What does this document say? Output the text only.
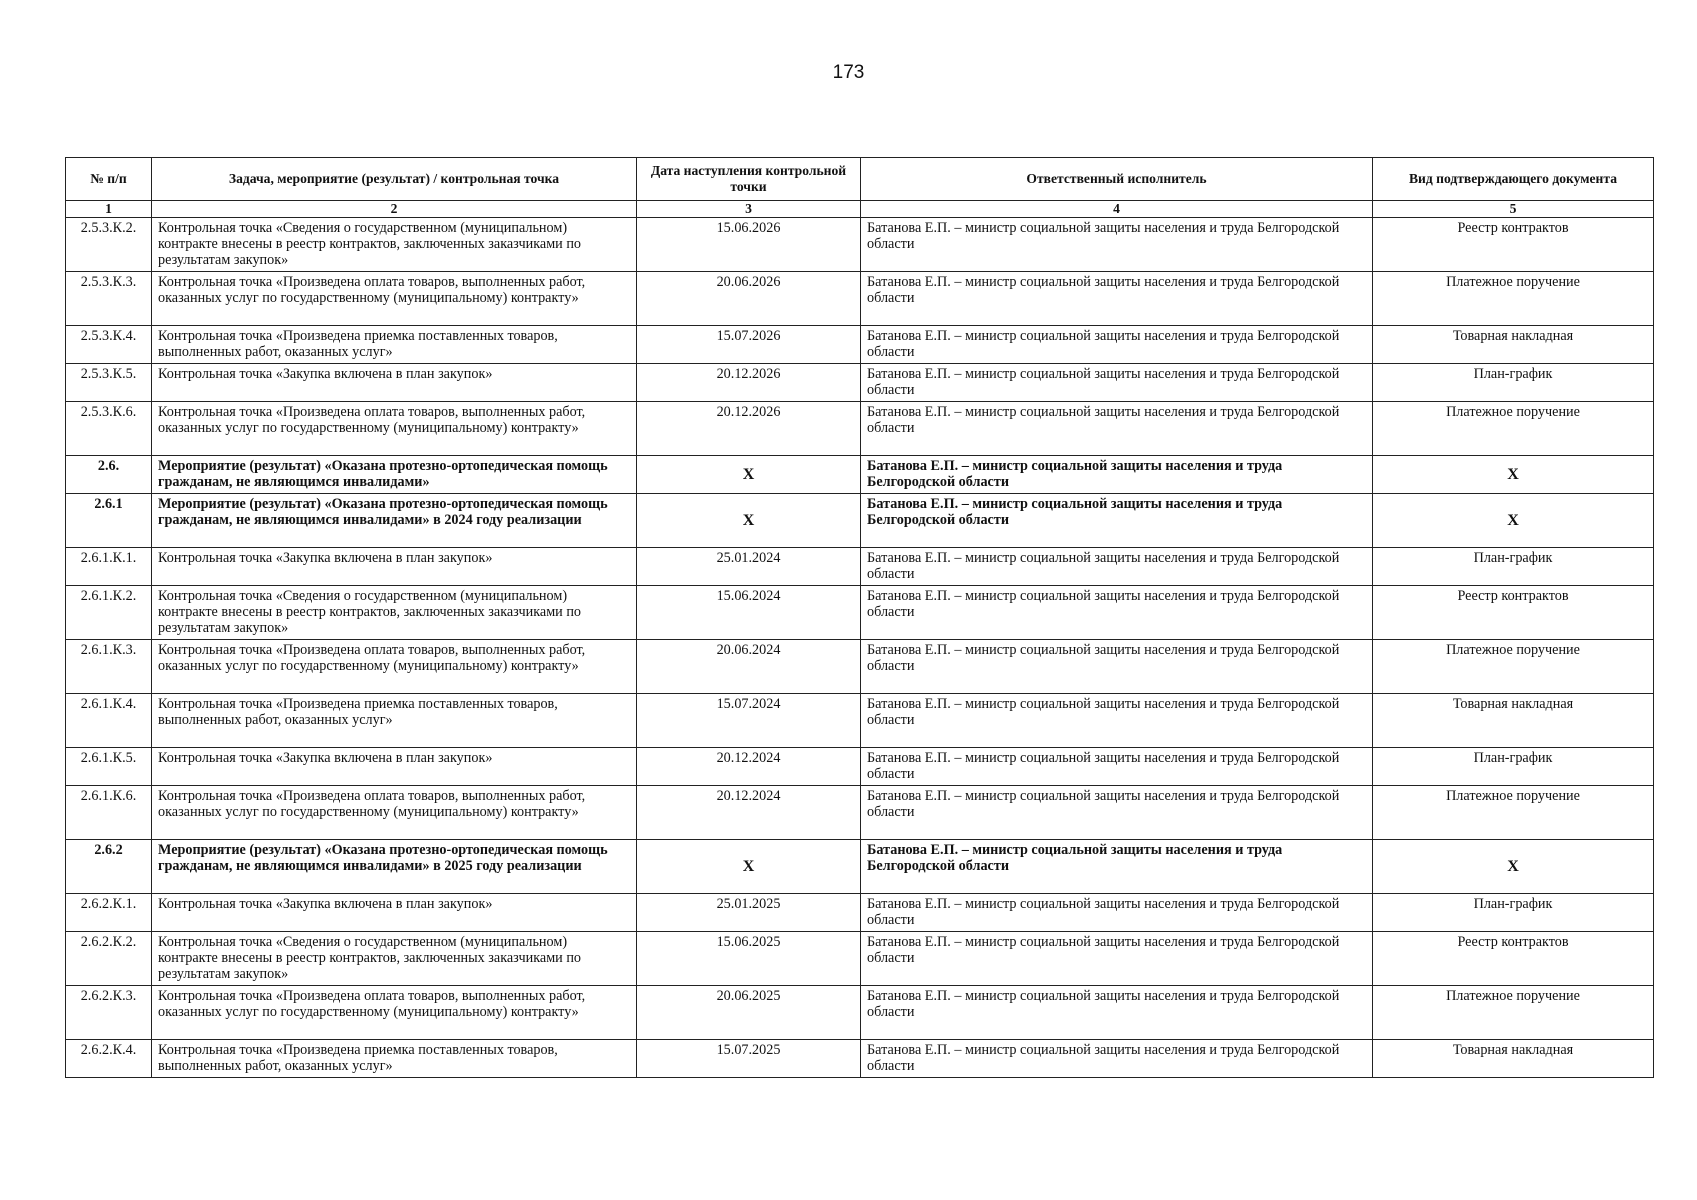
173
№ п/п	Задача, мероприятие (результат) / контрольная точка	Дата наступления контрольной точки	Ответственный исполнитель	Вид подтверждающего документа
1	2	3	4	5
2.5.3.К.2.	Контрольная точка «Сведения о государственном (муниципальном) контракте внесены в реестр контрактов, заключенных заказчиками по результатам закупок»	15.06.2026	Батанова Е.П. – министр социальной защиты населения и труда Белгородской области	Реестр контрактов
2.5.3.К.3.	Контрольная точка «Произведена оплата товаров, выполненных работ, оказанных услуг по государственному (муниципальному) контракту»	20.06.2026	Батанова Е.П. – министр социальной защиты населения и труда Белгородской области	Платежное поручение
2.5.3.К.4.	Контрольная точка «Произведена приемка поставленных товаров, выполненных работ, оказанных услуг»	15.07.2026	Батанова Е.П. – министр социальной защиты населения и труда Белгородской области	Товарная накладная
2.5.3.К.5.	Контрольная точка «Закупка включена в план закупок»	20.12.2026	Батанова Е.П. – министр социальной защиты населения и труда Белгородской области	План-график
2.5.3.К.6.	Контрольная точка «Произведена оплата товаров, выполненных работ, оказанных услуг по государственному (муниципальному) контракту»	20.12.2026	Батанова Е.П. – министр социальной защиты населения и труда Белгородской области	Платежное поручение
2.6.	Мероприятие (результат) «Оказана протезно-ортопедическая помощь гражданам, не являющимся инвалидами»	X	Батанова Е.П. – министр социальной защиты населения и труда Белгородской области	X
2.6.1	Мероприятие (результат) «Оказана протезно-ортопедическая помощь гражданам, не являющимся инвалидами» в 2024 году реализации	X	Батанова Е.П. – министр социальной защиты населения и труда Белгородской области	X
2.6.1.К.1.	Контрольная точка «Закупка включена в план закупок»	25.01.2024	Батанова Е.П. – министр социальной защиты населения и труда Белгородской области	План-график
2.6.1.К.2.	Контрольная точка «Сведения о государственном (муниципальном) контракте внесены в реестр контрактов, заключенных заказчиками по результатам закупок»	15.06.2024	Батанова Е.П. – министр социальной защиты населения и труда Белгородской области	Реестр контрактов
2.6.1.К.3.	Контрольная точка «Произведена оплата товаров, выполненных работ, оказанных услуг по государственному (муниципальному) контракту»	20.06.2024	Батанова Е.П. – министр социальной защиты населения и труда Белгородской области	Платежное поручение
2.6.1.К.4.	Контрольная точка «Произведена приемка поставленных товаров, выполненных работ, оказанных услуг»	15.07.2024	Батанова Е.П. – министр социальной защиты населения и труда Белгородской области	Товарная накладная
2.6.1.К.5.	Контрольная точка «Закупка включена в план закупок»	20.12.2024	Батанова Е.П. – министр социальной защиты населения и труда Белгородской области	План-график
2.6.1.К.6.	Контрольная точка «Произведена оплата товаров, выполненных работ, оказанных услуг по государственному (муниципальному) контракту»	20.12.2024	Батанова Е.П. – министр социальной защиты населения и труда Белгородской области	Платежное поручение
2.6.2	Мероприятие (результат) «Оказана протезно-ортопедическая помощь гражданам, не являющимся инвалидами» в 2025 году реализации	X	Батанова Е.П. – министр социальной защиты населения и труда Белгородской области	X
2.6.2.К.1.	Контрольная точка «Закупка включена в план закупок»	25.01.2025	Батанова Е.П. – министр социальной защиты населения и труда Белгородской области	План-график
2.6.2.К.2.	Контрольная точка «Сведения о государственном (муниципальном) контракте внесены в реестр контрактов, заключенных заказчиками по результатам закупок»	15.06.2025	Батанова Е.П. – министр социальной защиты населения и труда Белгородской области	Реестр контрактов
2.6.2.К.3.	Контрольная точка «Произведена оплата товаров, выполненных работ, оказанных услуг по государственному (муниципальному) контракту»	20.06.2025	Батанова Е.П. – министр социальной защиты населения и труда Белгородской области	Платежное поручение
2.6.2.К.4.	Контрольная точка «Произведена приемка поставленных товаров, выполненных работ, оказанных услуг»	15.07.2025	Батанова Е.П. – министр социальной защиты населения и труда Белгородской области	Товарная накладная
